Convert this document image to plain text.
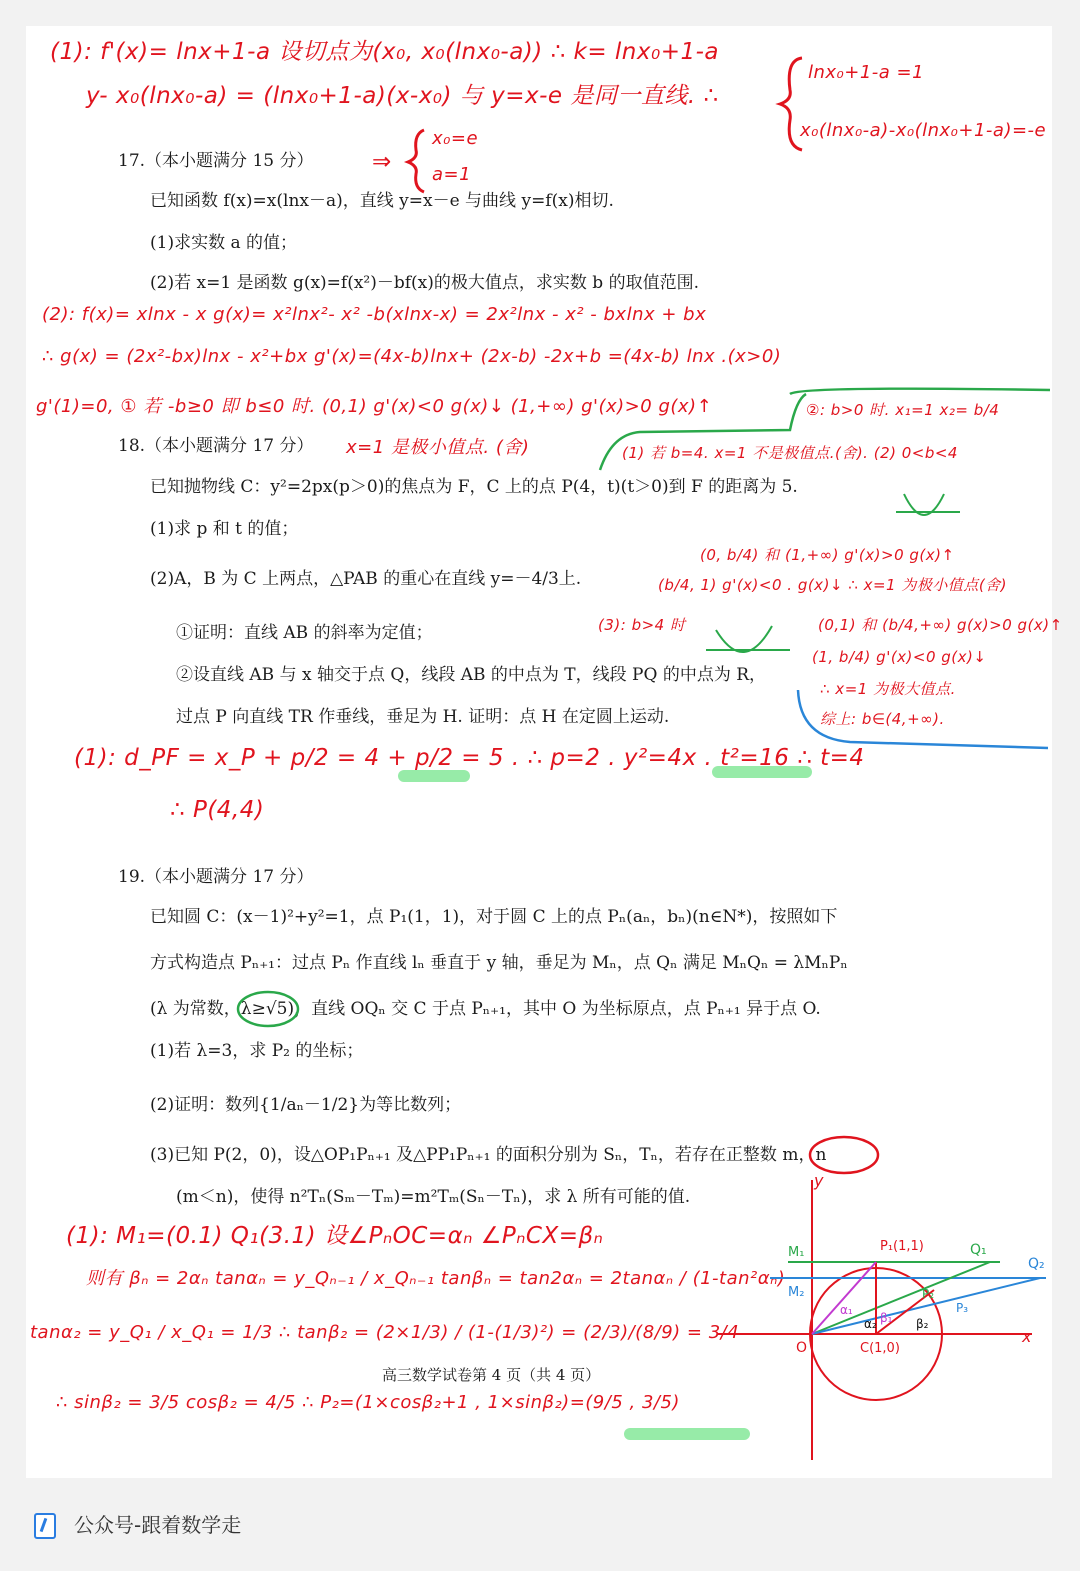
(1): f'(x)= lnx+1-a 设切点为(x₀, x₀(lnx₀-a)) ∴ k= lnx₀+1-a
y- x₀(lnx₀-a) = (lnx₀+1-a)(x-x₀) 与 y=x-e 是同一直线. ∴
lnx₀+1-a =1
x₀(lnx₀-a)-x₀(lnx₀+1-a)=-e
⇒
x₀=e
a=1
17.（本小题满分 15 分）
已知函数 f(x)=x(lnx－a)，直线 y=x－e 与曲线 y=f(x)相切.
(1)求实数 a 的值；
(2)若 x=1 是函数 g(x)=f(x²)－bf(x)的极大值点，求实数 b 的取值范围.
(2): f(x)= xlnx - x g(x)= x²lnx²- x² -b(xlnx-x) = 2x²lnx - x² - bxlnx + bx
∴ g(x) = (2x²-bx)lnx - x²+bx g'(x)=(4x-b)lnx+ (2x-b) -2x+b =(4x-b) lnx .(x>0)
g'(1)=0, ① 若 -b≥0 即 b≤0 时. (0,1) g'(x)<0 g(x)↓ (1,+∞) g'(x)>0 g(x)↑	②: b>0 时. x₁=1 x₂= b/4
18.（本小题满分 17 分） x=1 是极小值点. (舍)	(1) 若 b=4. x=1 不是极值点.(舍). (2) 0<b<4
已知抛物线 C：y²=2px(p＞0)的焦点为 F，C 上的点 P(4，t)(t＞0)到 F 的距离为 5.
(1)求 p 和 t 的值；
(2)A，B 为 C 上两点，△PAB 的重心在直线 y=－4/3上.
①证明：直线 AB 的斜率为定值；
②设直线 AB 与 x 轴交于点 Q，线段 AB 的中点为 T，线段 PQ 的中点为 R，
过点 P 向直线 TR 作垂线，垂足为 H. 证明：点 H 在定圆上运动.
(0, b/4) 和 (1,+∞) g'(x)>0 g(x)↑
(b/4, 1) g'(x)<0 . g(x)↓ ∴ x=1 为极小值点(舍)
(3): b>4 时	(0,1) 和 (b/4,+∞) g(x)>0 g(x)↑
(1, b/4) g'(x)<0 g(x)↓
∴ x=1 为极大值点.
综上: b∈(4,+∞).
(1): d_PF = x_P + p/2 = 4 + p/2 = 5 . ∴ p=2 . y²=4x . t²=16 ∴ t=4
∴ P(4,4)
19.（本小题满分 17 分）
已知圆 C：(x－1)²+y²=1，点 P₁(1，1)，对于圆 C 上的点 Pₙ(aₙ，bₙ)(n∈N*)，按照如下
方式构造点 Pₙ₊₁：过点 Pₙ 作直线 lₙ 垂直于 y 轴，垂足为 Mₙ，点 Qₙ 满足 MₙQₙ = λMₙPₙ
(λ 为常数，λ≥√5)，直线 OQₙ 交 C 于点 Pₙ₊₁，其中 O 为坐标原点，点 Pₙ₊₁ 异于点 O.
(1)若 λ=3，求 P₂ 的坐标；
(2)证明：数列{1/aₙ－1/2}为等比数列；
(3)已知 P(2，0)，设△OP₁Pₙ₊₁ 及△PP₁Pₙ₊₁ 的面积分别为 Sₙ，Tₙ，若存在正整数 m，n
(m＜n)，使得 n²Tₙ(Sₘ－Tₘ)=m²Tₘ(Sₙ－Tₙ)，求 λ 所有可能的值.
(1): M₁=(0.1) Q₁(3.1) 设∠PₙOC=αₙ ∠PₙCX=βₙ
则有 βₙ = 2αₙ tanαₙ = y_Qₙ₋₁ / x_Qₙ₋₁ tanβₙ = tan2αₙ = 2tanαₙ / (1-tan²αₙ)
tanα₂ = y_Q₁ / x_Q₁ = 1/3 ∴ tanβ₂ = (2×1/3) / (1-(1/3)²) = (2/3)/(8/9) = 3/4
高三数学试卷第 4 页（共 4 页）
∴ sinβ₂ = 3/5 cosβ₂ = 4/5 ∴ P₂=(1×cosβ₂+1 , 1×sinβ₂)=(9/5 , 3/5)
y
x
O	C(1,0)
P₁(1,1)	Q₁
Q₂
M₁
M₂	P₂
P₃
α₂
α₁
β₁ β₂
公众号-跟着数学走
